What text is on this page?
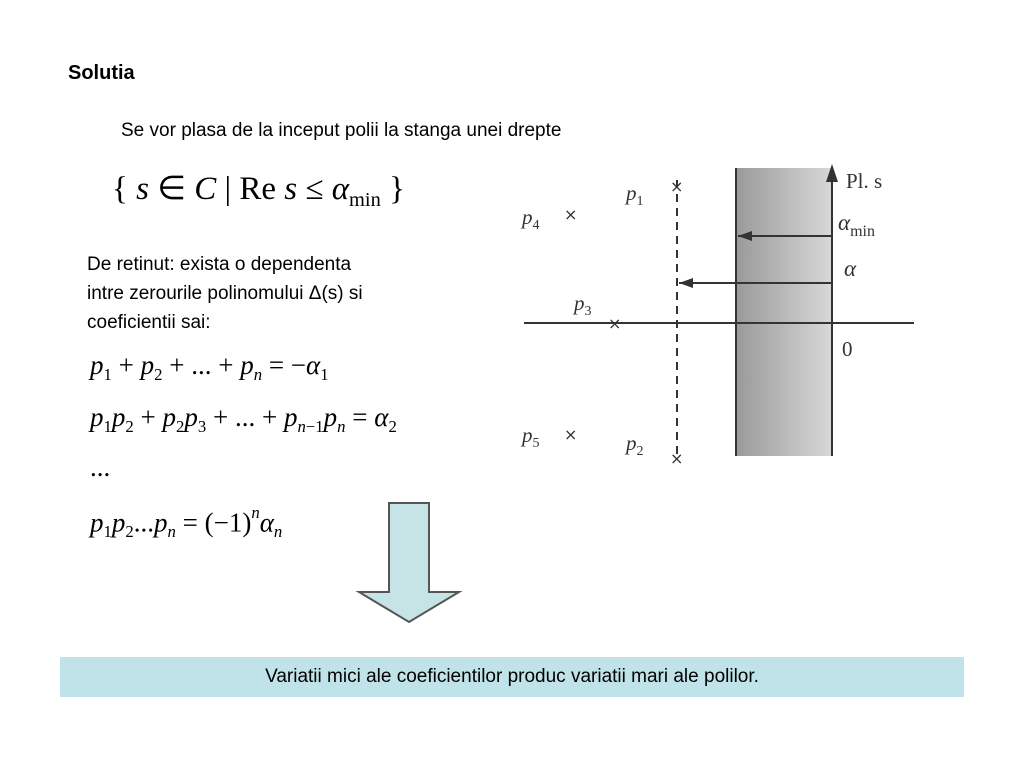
Solutia
Se vor plasa de la inceput polii la stanga unei drepte
{ s ∈ C | Re $s \le \alpha_{min}$ }
De retinut: exista o dependenta
intre zerourile polinomului Δ(s) si
coeficientii sai:
$p_1 + p_2$ + ... + $p_n = -\alpha_1$
$p_1p_2 + p_2p_3$ + ... + $p_{n-1}p_n = \alpha_2$
...
$p_1p_2...p_n = (-1)^n\alpha_n$
×
×
×
×
×
$p_1$
$p_4$
$p_3$
$p_5$	$p_2$
Pl. s
$\alpha_{min}$
α
0
Variatii mici ale coeficientilor produc variatii mari ale polilor.
